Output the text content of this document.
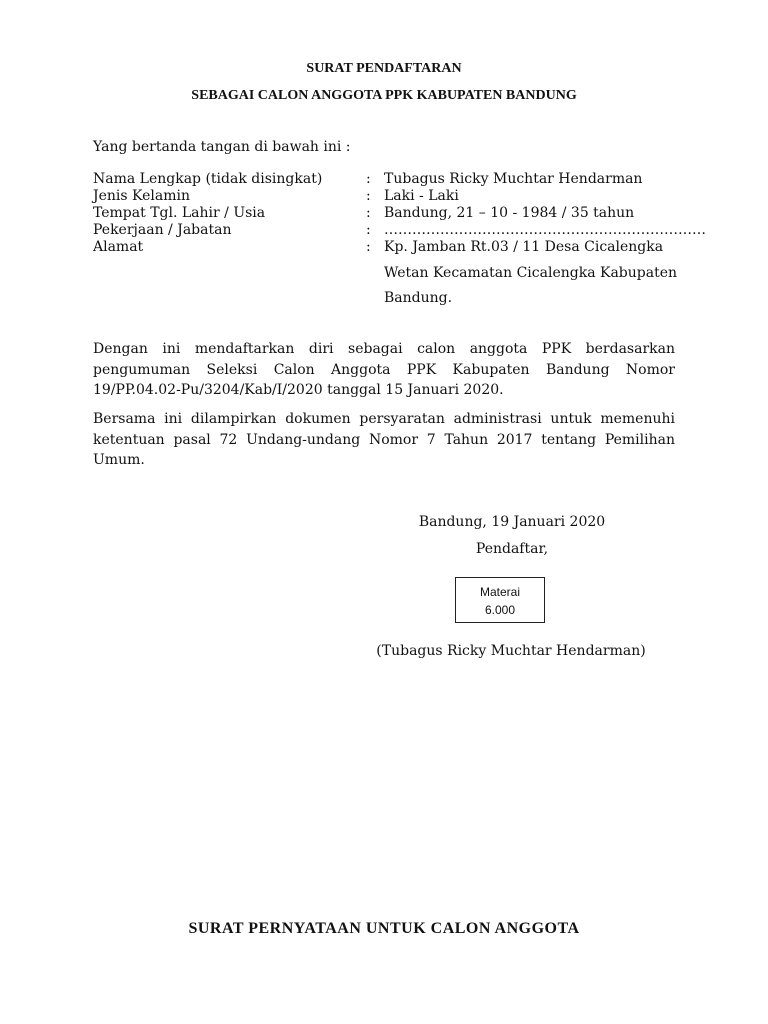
SURAT PENDAFTARAN
SEBAGAI CALON ANGGOTA PPK KABUPATEN BANDUNG
Yang bertanda tangan di bawah ini :
Nama Lengkap (tidak disingkat)	: Tubagus Ricky Muchtar Hendarman
Jenis Kelamin	: Laki - Laki
Tempat Tgl. Lahir / Usia	: Bandung, 21 – 10 - 1984 / 35 tahun
Pekerjaan / Jabatan	: ……………………………………………………………
Alamat	: Kp. Jamban Rt.03 / 11 Desa Cicalengka
Wetan Kecamatan Cicalengka Kabupaten
Bandung.

Dengan ini mendaftarkan diri sebagai calon anggota PPK berdasarkan pengumuman Seleksi Calon Anggota PPK Kabupaten Bandung Nomor 19/PP.04.02-Pu/3204/Kab/I/2020 tanggal 15 Januari 2020.

Bersama ini dilampirkan dokumen persyaratan administrasi untuk memenuhi ketentuan pasal 72 Undang-undang Nomor 7 Tahun 2017 tentang Pemilihan Umum.

Bandung, 19 Januari 2020
Pendaftar,
Materai
6.000
(Tubagus Ricky Muchtar Hendarman)
SURAT PERNYATAAN UNTUK CALON ANGGOTA
